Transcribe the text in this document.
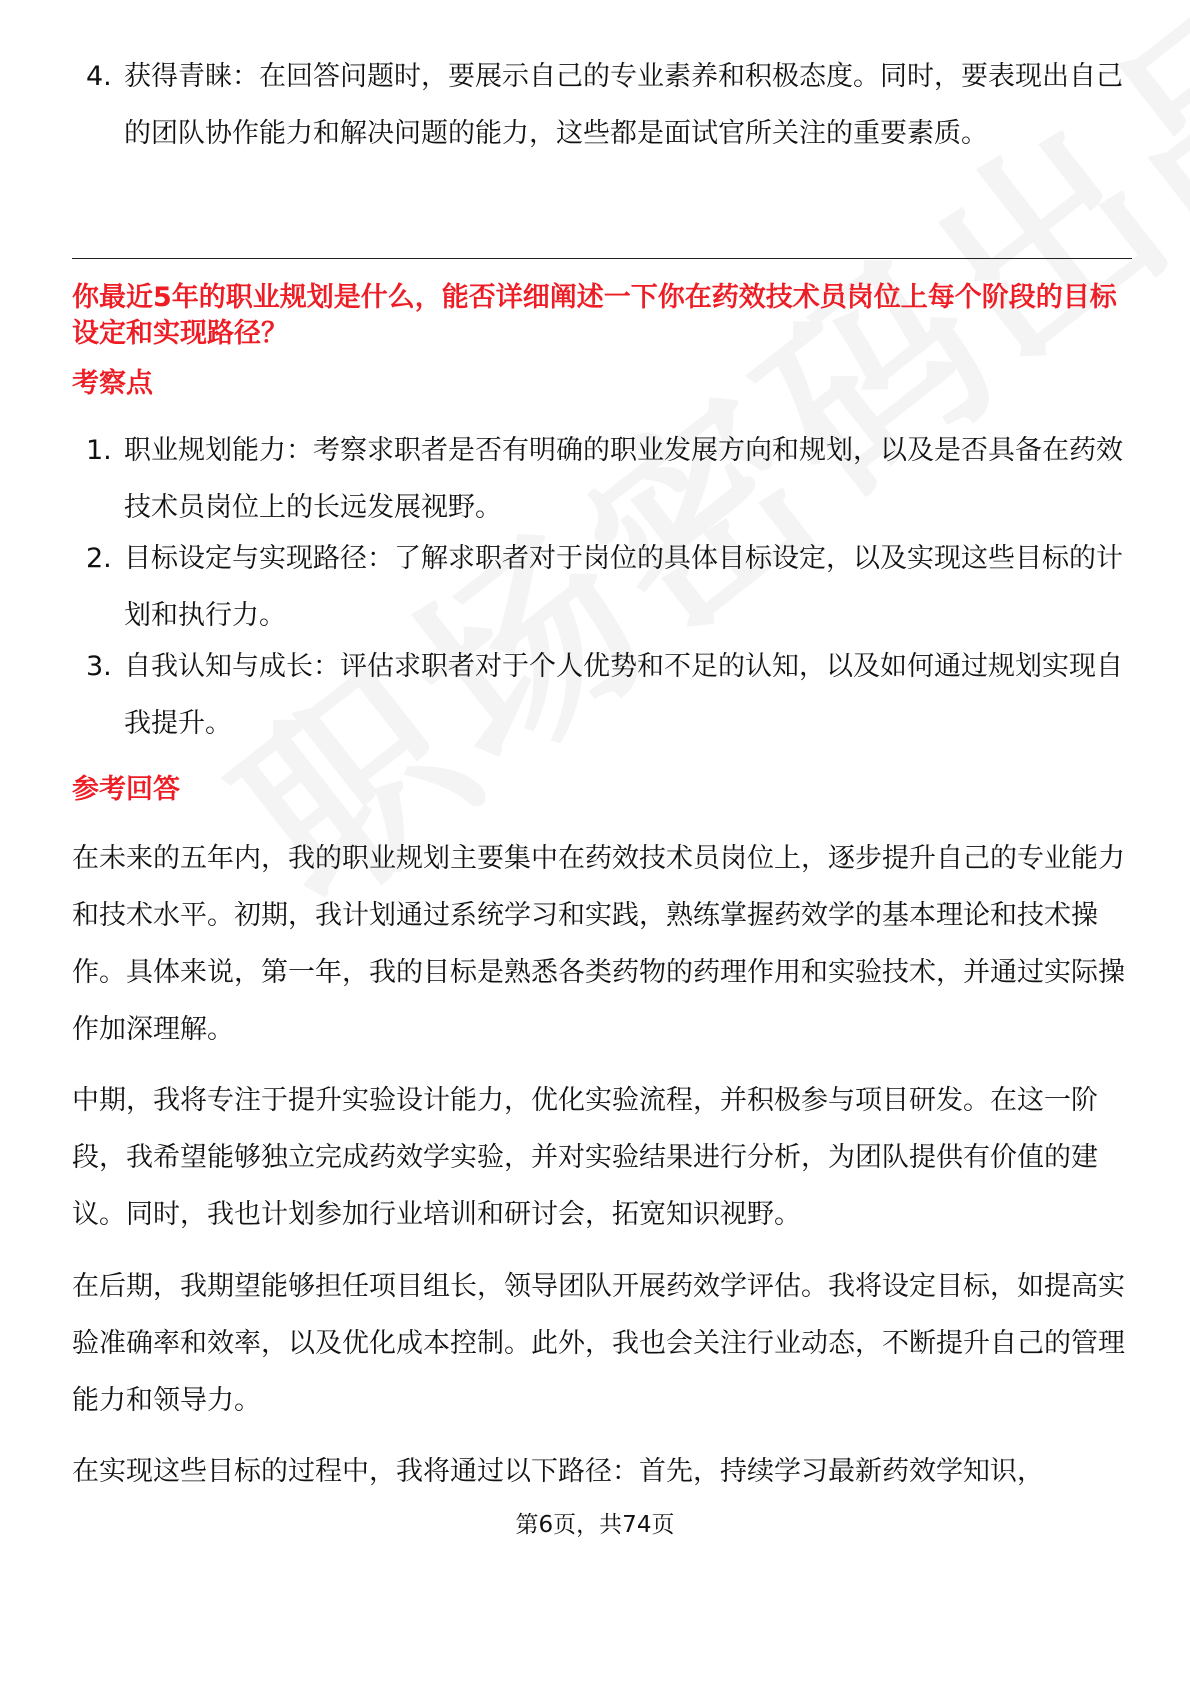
4. 获得青睐：在回答问题时，要展示自己的专业素养和积极态度。同时，要表现出自己的团队协作能力和解决问题的能力，这些都是面试官所关注的重要素质。
你最近5年的职业规划是什么，能否详细阐述一下你在药效技术员岗位上每个阶段的目标设定和实现路径？
考察点
1. 职业规划能力：考察求职者是否有明确的职业发展方向和规划，以及是否具备在药效技术员岗位上的长远发展视野。
2. 目标设定与实现路径：了解求职者对于岗位的具体目标设定，以及实现这些目标的计划和执行力。
3. 自我认知与成长：评估求职者对于个人优势和不足的认知，以及如何通过规划实现自我提升。
参考回答
在未来的五年内，我的职业规划主要集中在药效技术员岗位上，逐步提升自己的专业能力和技术水平。初期，我计划通过系统学习和实践，熟练掌握药效学的基本理论和技术操作。具体来说，第一年，我的目标是熟悉各类药物的药理作用和实验技术，并通过实际操作加深理解。
中期，我将专注于提升实验设计能力，优化实验流程，并积极参与项目研发。在这一阶段，我希望能够独立完成药效学实验，并对实验结果进行分析，为团队提供有价值的建议。同时，我也计划参加行业培训和研讨会，拓宽知识视野。
在后期，我期望能够担任项目组长，领导团队开展药效学评估。我将设定目标，如提高实验准确率和效率，以及优化成本控制。此外，我也会关注行业动态，不断提升自己的管理能力和领导力。
在实现这些目标的过程中，我将通过以下路径：首先，持续学习最新药效学知识，
第6页，共74页
